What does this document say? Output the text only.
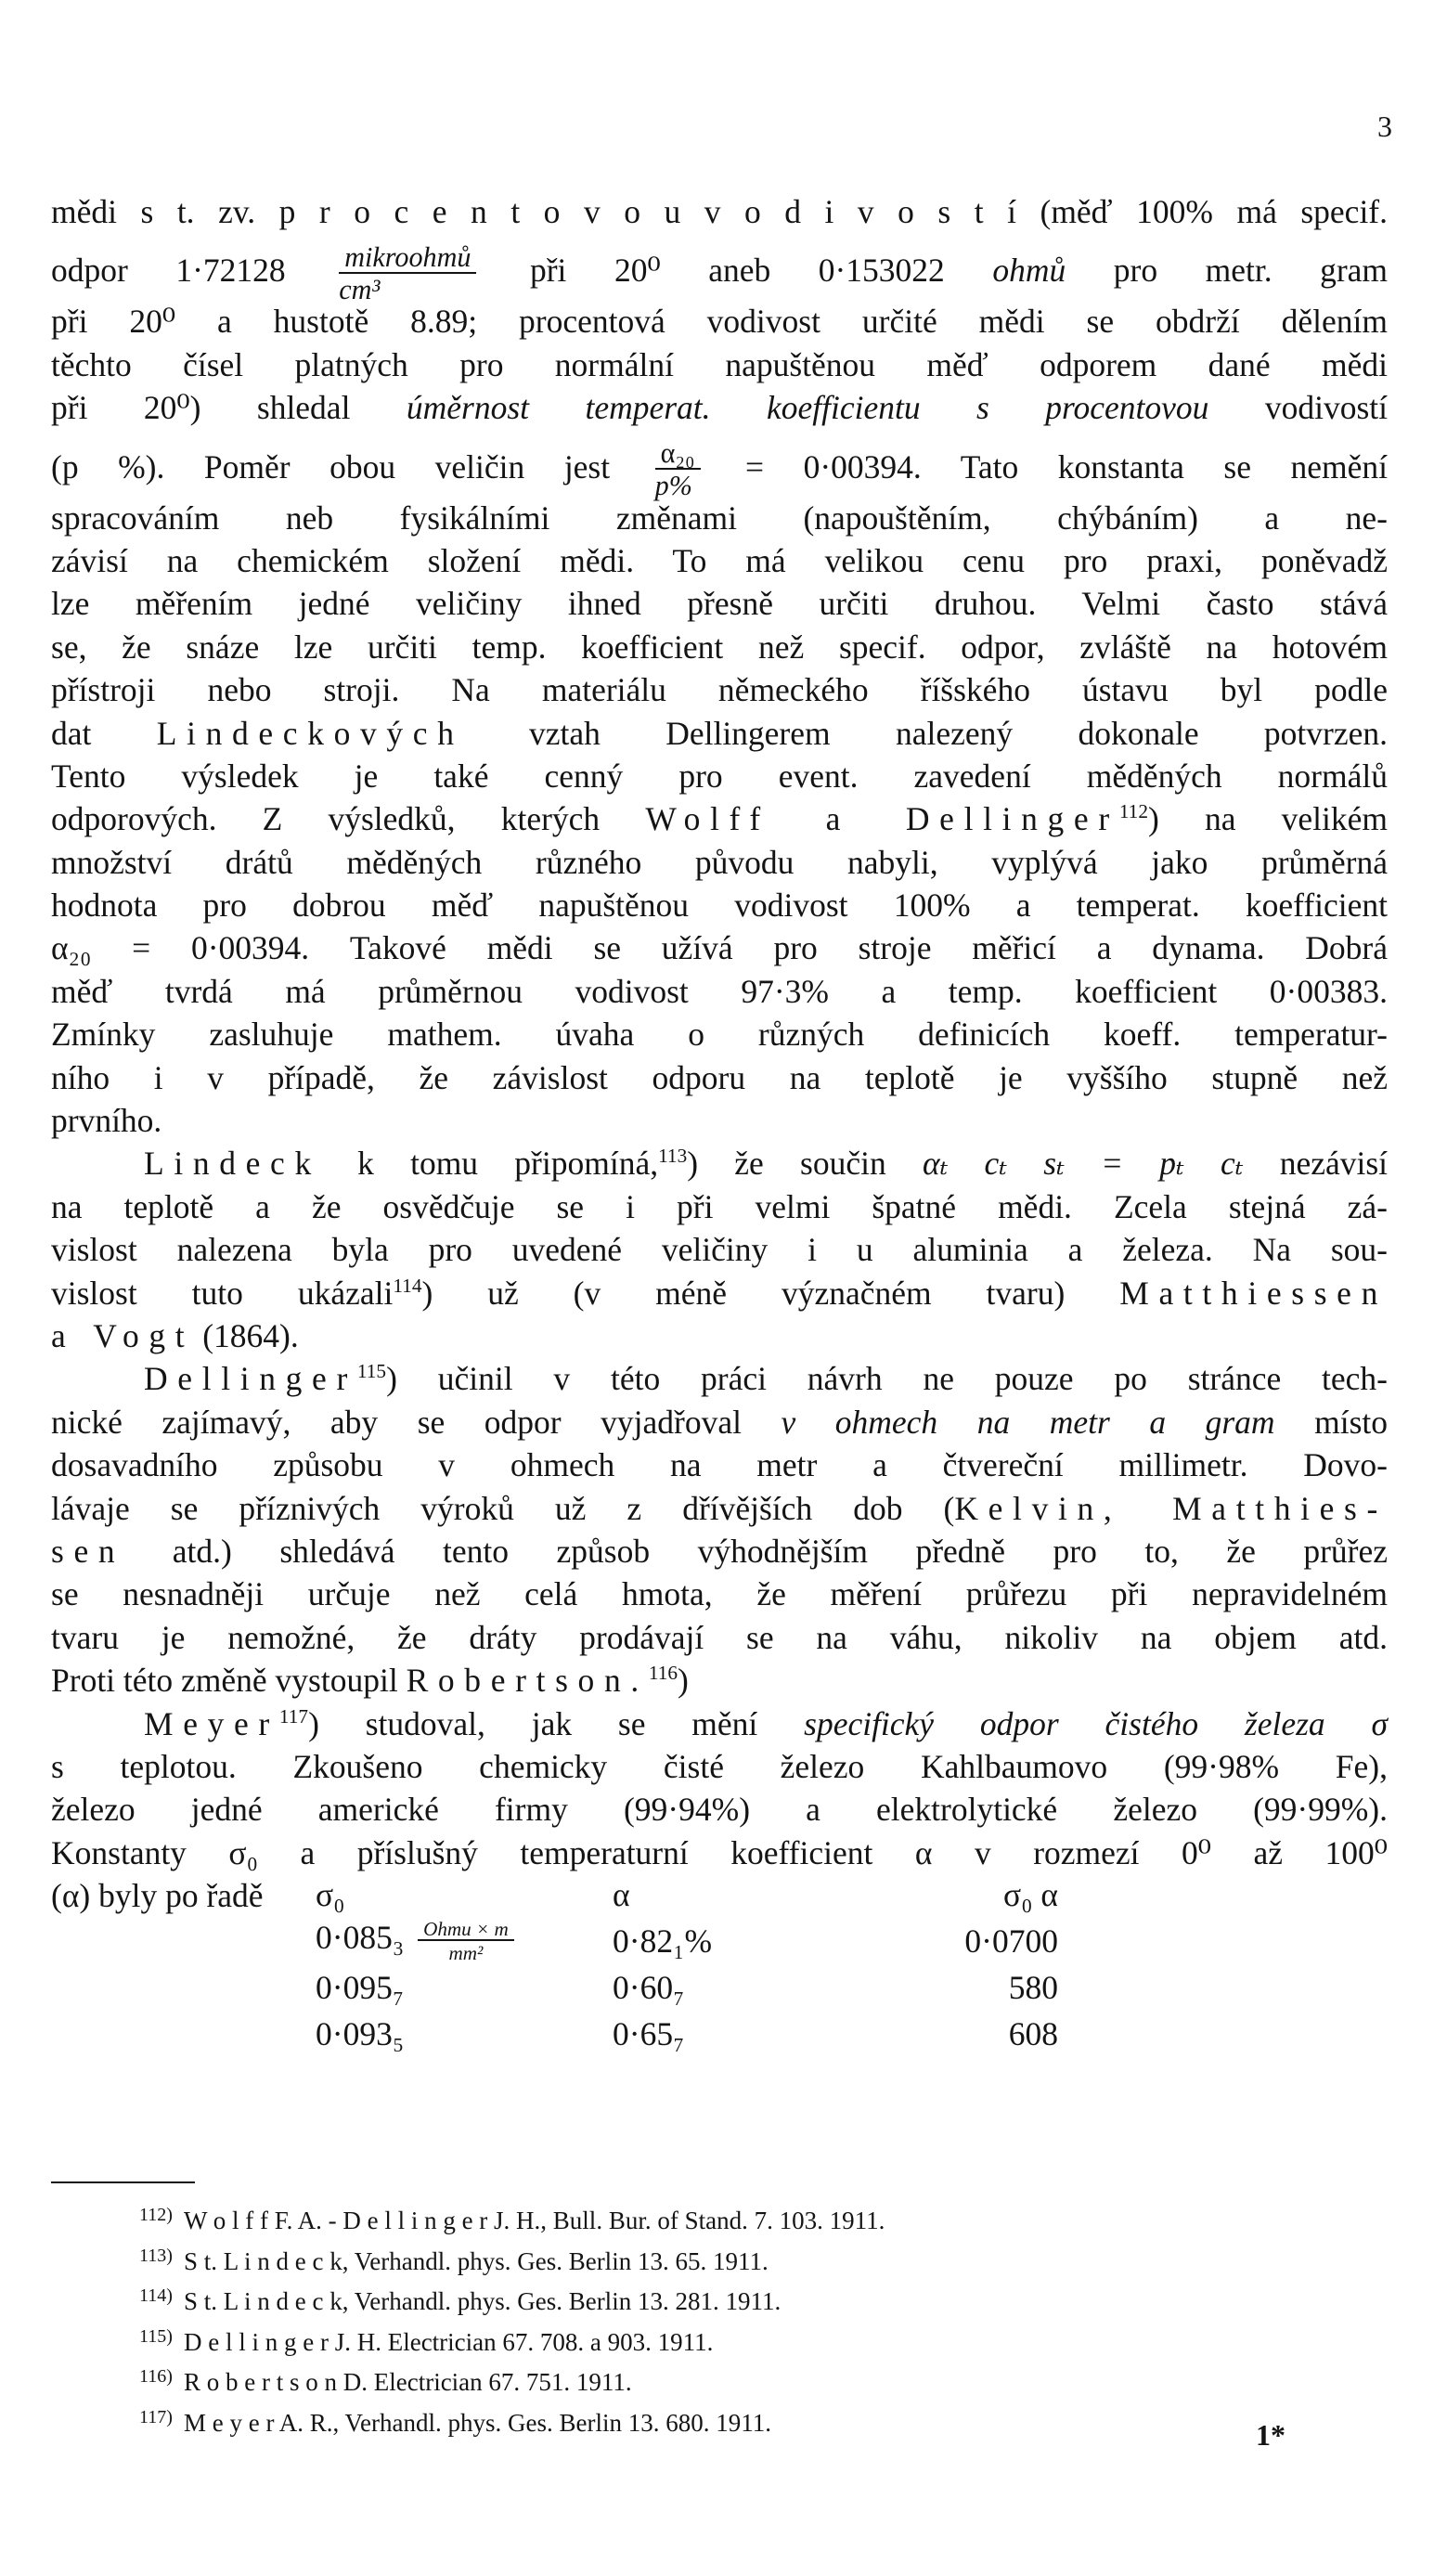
3
mědi s t. zv. p r o c e n t o v o u v o d i v o s t í (měď 100% má specif.
odpor $1\cdot 72128 \frac{\text{mikroohmů}}{\text{cm³}}$ při 20⁰ aneb 0·153022 ohmů pro metr. gram
při 20⁰ a hustotě 8.89; procentová vodivost určité mědi se obdrží dělením
těchto čísel platných pro normální napuštěnou měď odporem dané mědi
při 20⁰) shledal úměrnost temperat. koefficientu s procentovou vodivostí
(p %). Poměr obou veličin jest $\frac{\text{α₂₀}}{p\%} = 0\cdot 00394$. Tato konstanta se nemění
spracováním neb fysikálními změnami (napouštěním, chýbáním) a ne-
závisí na chemickém složení mědi. To má velikou cenu pro praxi, poněvadž
lze měřením jedné veličiny ihned přesně určiti druhou. Velmi často stává
se, že snáze lze určiti temp. koefficient než specif. odpor, zvláště na hotovém
přístroji nebo stroji. Na materiálu německého říšského ústavu byl podle
dat Lindeckových vztah Dellingerem nalezený dokonale potvrzen.
Tento výsledek je také cenný pro event. zavedení měděných normálů
odporových. Z výsledků, kterých Wolff a Dellinger$^{112}$) na velikém
množství drátů měděných různého původu nabyli, vyplývá jako průměrná
hodnota pro dobrou měď napuštěnou vodivost 100% a temperat. koefficient
α₂₀ = 0·00394. Takové mědi se užívá pro stroje měřicí a dynama. Dobrá
měď tvrdá má průměrnou vodivost 97·3% a temp. koefficient 0·00383.
Zmínky zasluhuje mathem. úvaha o různých definicích koeff. temperatur-
ního i v případě, že závislost odporu na teplotě je vyššího stupně než
prvního.
Lindeck k tomu připomíná,$^{113}$) že součin αₜ cₜ sₜ = pₜ cₜ nezávisí
na teplotě a že osvědčuje se i při velmi špatné mědi. Zcela stejná zá-
vislost nalezena byla pro uvedené veličiny i u aluminia a železa. Na sou-
vislost tuto ukázali$^{114}$) už (v méně význačném tvaru) Matthiessen
a Vogt (1864).
Dellinger$^{115}$) učinil v této práci návrh ne pouze po stránce tech-
nické zajímavý, aby se odpor vyjadřoval v ohmech na metr a gram místo
dosavadního způsobu v ohmech na metr a čtvereční millimetr. Dovo-
lávaje se příznivých výroků už z dřívějších dob (Kelvin, Matthies-
sen atd.) shledává tento způsob výhodnějším předně pro to, že průřez
se nesnadněji určuje než celá hmota, že měření průřezu při nepravidelném
tvaru je nemožné, že dráty prodávají se na váhu, nikoliv na objem atd.
Proti této změně vystoupil Robertson.$^{116}$)
Meyer$^{117}$) studoval, jak se mění specifický odpor čistého železa σ
s teplotou. Zkoušeno chemicky čisté železo Kahlbaumovo (99·98% Fe),
železo jedné americké firmy (99·94%) a elektrolytické železo (99·99%).
Konstanty σ₀ a příslušný temperaturní koefficient α v rozmezí 0⁰ až 100⁰
(α) byly po řadě	σ₀	α	σ₀ α
$0\cdot 085_3 \frac{\text{Ohmu × m}}{\text{mm²}}$	0·82₁%	0·0700
0·095₇	0·60₇	580
0·093₅	0·65₇	608
112) W o l f f F. A. - D e l l i n g e r J. H., Bull. Bur. of Stand. 7. 103. 1911.
113) S t. L i n d e c k, Verhandl. phys. Ges. Berlin 13. 65. 1911.
114) S t. L i n d e c k, Verhandl. phys. Ges. Berlin 13. 281. 1911.
115) D e l l i n g e r J. H. Electrician 67. 708. a 903. 1911.
116) R o b e r t s o n D. Electrician 67. 751. 1911.
117) M e y e r A. R., Verhandl. phys. Ges. Berlin 13. 680. 1911.	1*
